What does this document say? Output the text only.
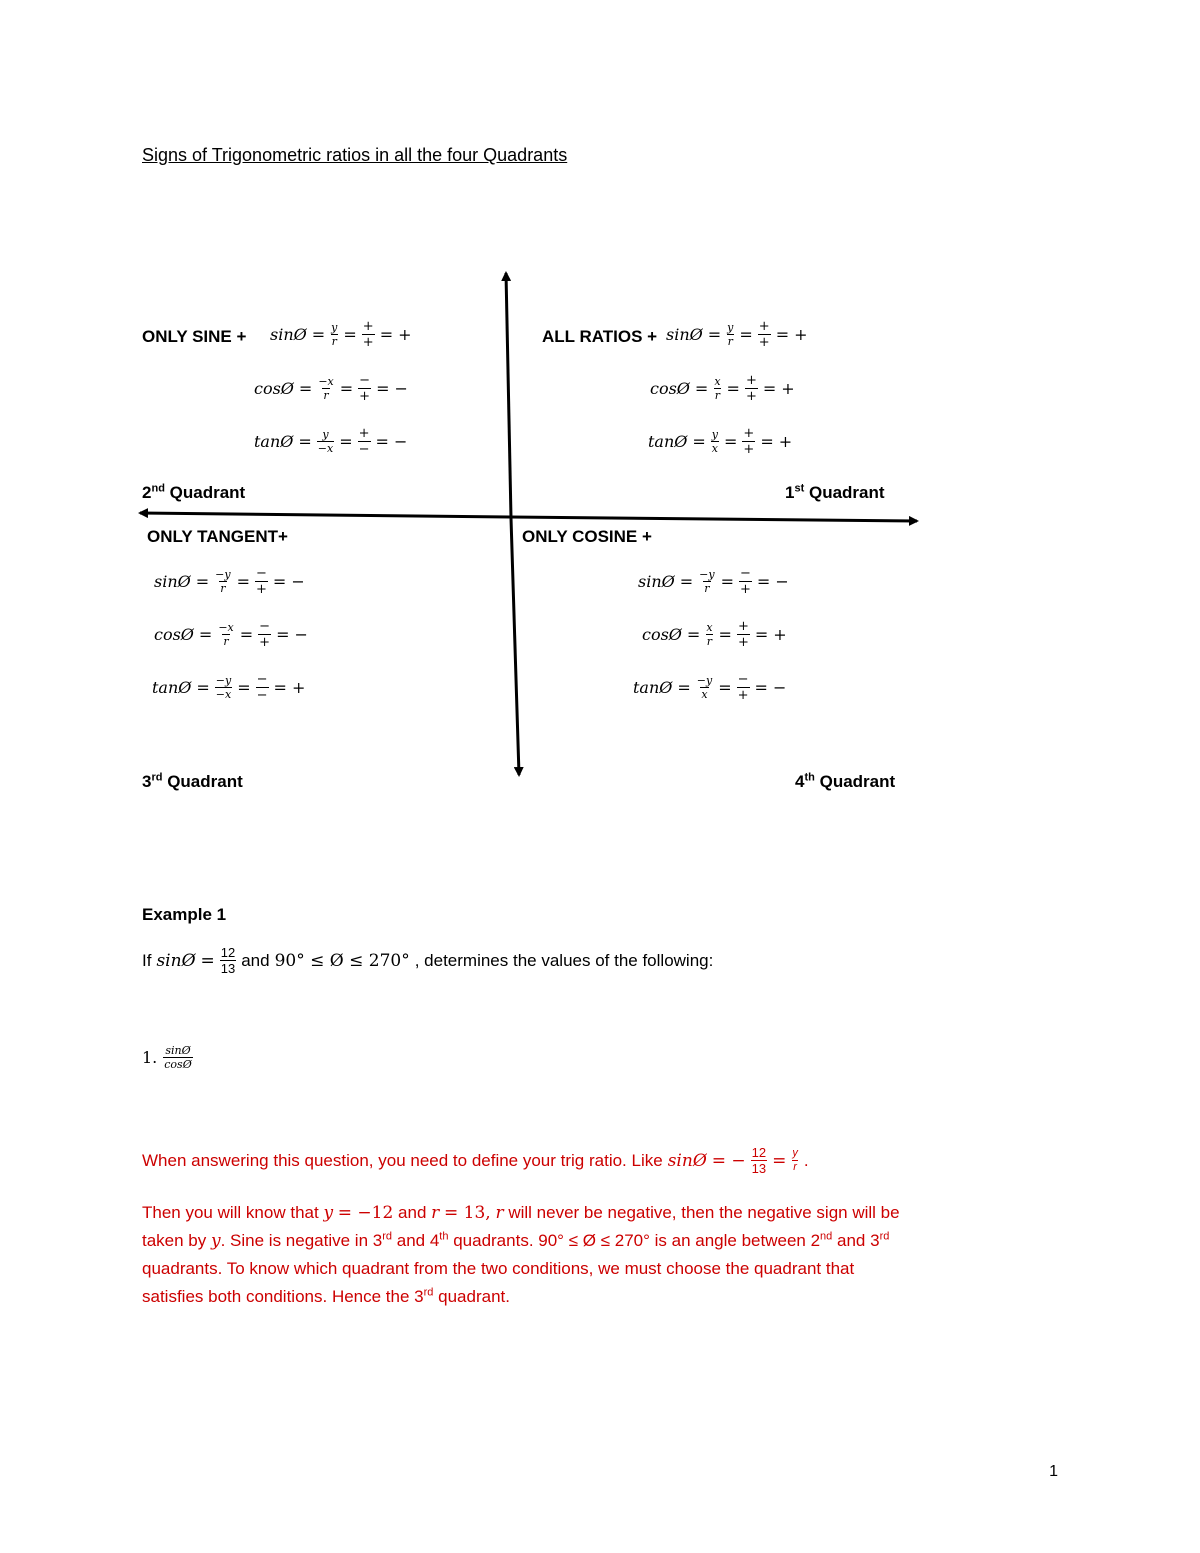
Signs of Trigonometric ratios in all the four Quadrants
ONLY SINE + sinØ = $\frac{y}{r} = \frac{+}{+}$ = +
cosØ = $\frac{-x}{r} = \frac{-}{+}$ = −
tanØ = $\frac{y}{-x} = \frac{+}{-}$ = −
2nd Quadrant
ALL RATIOS + sinØ = $\frac{y}{r} = \frac{+}{+}$ = +
cosØ = $\frac{x}{r} = \frac{+}{+}$ = +
tanØ = $\frac{y}{x} = \frac{+}{+}$ = +
1st Quadrant
ONLY TANGENT+
sinØ = $\frac{-y}{r} = \frac{-}{+}$ = −
cosØ = $\frac{-x}{r} = \frac{-}{+}$ = −
tanØ = $\frac{-y}{-x} = \frac{-}{-}$ = +
3rd Quadrant
ONLY COSINE +
sinØ = $\frac{-y}{r} = \frac{-}{+}$ = −
cosØ = $\frac{x}{r} = \frac{+}{+}$ = +
tanØ = $\frac{-y}{x} = \frac{-}{+}$ = −
4th Quadrant
Example 1
If sinØ = $\frac{12}{13}$ and 90° ≤ Ø ≤ 270° , determines the values of the following:
1. $\frac{\sin Ø}{\cos Ø}$
When answering this question, you need to define your trig ratio. Like sinØ = − $\frac{12}{13} = \frac{y}{r}$ .

Then you will know that y = −12 and r = 13, r will never be negative, then the negative sign will be

taken by y. Sine is negative in 3rd and 4th quadrants. 90° ≤ Ø ≤ 270° is an angle between 2nd and 3rd

quadrants. To know which quadrant from the two conditions, we must choose the quadrant that

satisfies both conditions. Hence the 3rd quadrant.

1
